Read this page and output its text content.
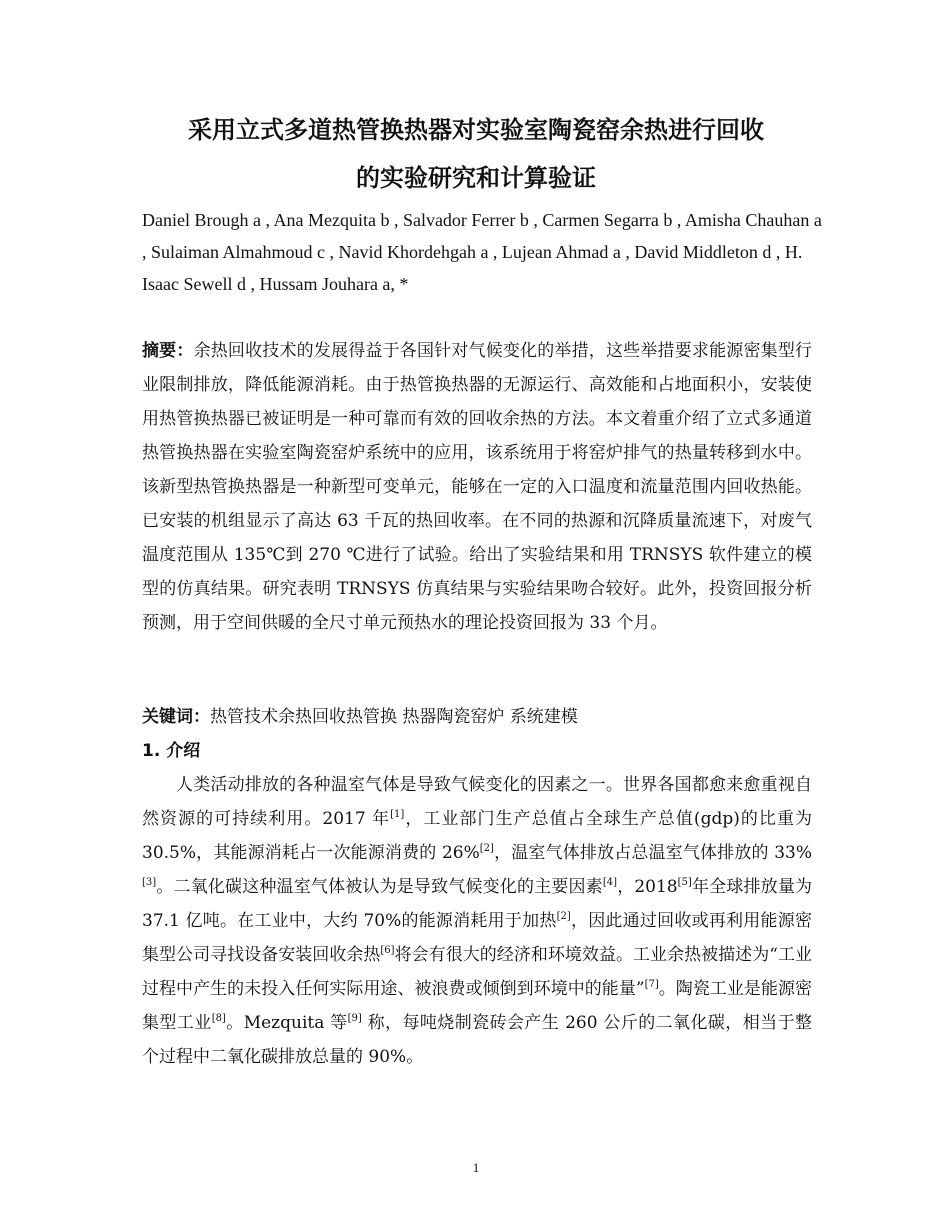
采用立式多道热管换热器对实验室陶瓷窑余热进行回收
的实验研究和计算验证
Daniel Brough a , Ana Mezquita b , Salvador Ferrer b , Carmen Segarra b , Amisha Chauhan a , Sulaiman Almahmoud c , Navid Khordehgah a , Lujean Ahmad a , David Middleton d , H. Isaac Sewell d , Hussam Jouhara a, *
摘要：余热回收技术的发展得益于各国针对气候变化的举措，这些举措要求能源密集型行业限制排放，降低能源消耗。由于热管换热器的无源运行、高效能和占地面积小，安装使用热管换热器已被证明是一种可靠而有效的回收余热的方法。本文着重介绍了立式多通道热管换热器在实验室陶瓷窑炉系统中的应用，该系统用于将窑炉排气的热量转移到水中。该新型热管换热器是一种新型可变单元，能够在一定的入口温度和流量范围内回收热能。已安装的机组显示了高达 63 千瓦的热回收率。在不同的热源和沉降质量流速下，对废气温度范围从 135℃到 270 ℃进行了试验。给出了实验结果和用 TRNSYS 软件建立的模型的仿真结果。研究表明 TRNSYS 仿真结果与实验结果吻合较好。此外，投资回报分析预测，用于空间供暖的全尺寸单元预热水的理论投资回报为 33 个月。
关键词：热管技术余热回收热管换 热器陶瓷窑炉 系统建模
1. 介绍
人类活动排放的各种温室气体是导致气候变化的因素之一。世界各国都愈来愈重视自然资源的可持续利用。2017 年[1]，工业部门生产总值占全球生产总值(gdp)的比重为 30.5%，其能源消耗占一次能源消费的 26%[2]，温室气体排放占总温室气体排放的 33%[3]。二氧化碳这种温室气体被认为是导致气候变化的主要因素[4]，2018[5]年全球排放量为 37.1 亿吨。在工业中，大约 70%的能源消耗用于加热[2]，因此通过回收或再利用能源密集型公司寻找设备安装回收余热[6]将会有很大的经济和环境效益。工业余热被描述为“工业过程中产生的未投入任何实际用途、被浪费或倾倒到环境中的能量”[7]。陶瓷工业是能源密集型工业[8]。Mezquita 等[9] 称，每吨烧制瓷砖会产生 260 公斤的二氧化碳，相当于整个过程中二氧化碳排放总量的 90%。
1
